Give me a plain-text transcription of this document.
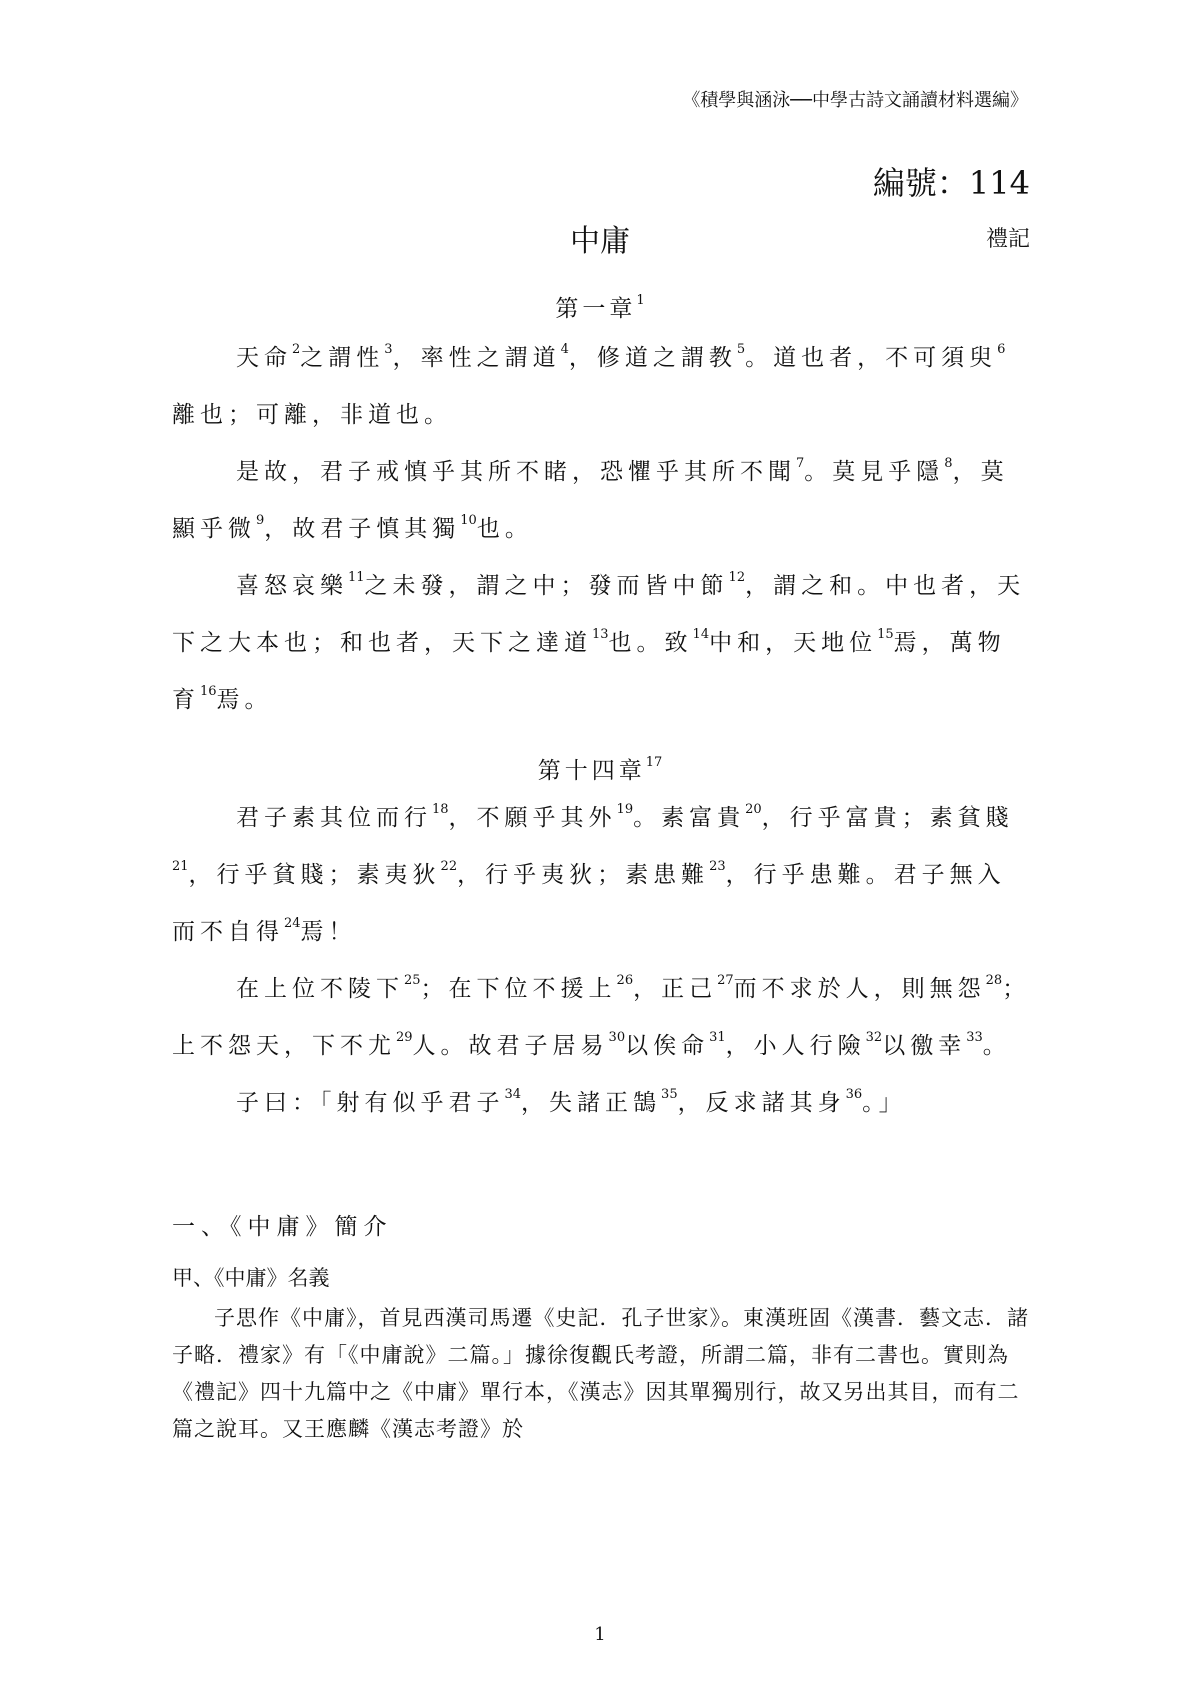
《積學與涵泳──中學古詩文誦讀材料選編》
編號：114
中庸	禮記
第一章$^1$

天命$^2$之謂性$^3$，率性之謂道$^4$，修道之謂教$^5$。道也者，不可須臾$^6$離也；可離，非道也。

是故，君子戒慎乎其所不睹，恐懼乎其所不聞$^7$。莫見乎隱$^8$，莫顯乎微$^9$，故君子慎其獨$^{10}$也。

喜怒哀樂$^{11}$之未發，謂之中；發而皆中節$^{12}$，謂之和。中也者，天下之大本也；和也者，天下之達道$^{13}$也。致$^{14}$中和，天地位$^{15}$焉，萬物育$^{16}$焉。

第十四章$^{17}$

君子素其位而行$^{18}$，不願乎其外$^{19}$。素富貴$^{20}$，行乎富貴；素貧賤$^{21}$，行乎貧賤；素夷狄$^{22}$，行乎夷狄；素患難$^{23}$，行乎患難。君子無入而不自得$^{24}$焉！

在上位不陵下$^{25}$；在下位不援上$^{26}$，正己$^{27}$而不求於人，則無怨$^{28}$；上不怨天，下不尤$^{29}$人。故君子居易$^{30}$以俟命$^{31}$，小人行險$^{32}$以徼幸$^{33}$。

子曰：「射有似乎君子$^{34}$，失諸正鵠$^{35}$，反求諸其身$^{36}$。」

一、《中庸》簡介
甲、《中庸》名義

子思作《中庸》，首見西漢司馬遷《史記．孔子世家》。東漢班固《漢書．藝文志．諸子略．禮家》有「《中庸說》二篇。」據徐復觀氏考證，所謂二篇，非有二書也。實則為《禮記》四十九篇中之《中庸》單行本，《漢志》因其單獨別行，故又另出其目，而有二篇之說耳。又王應麟《漢志考證》於

1
